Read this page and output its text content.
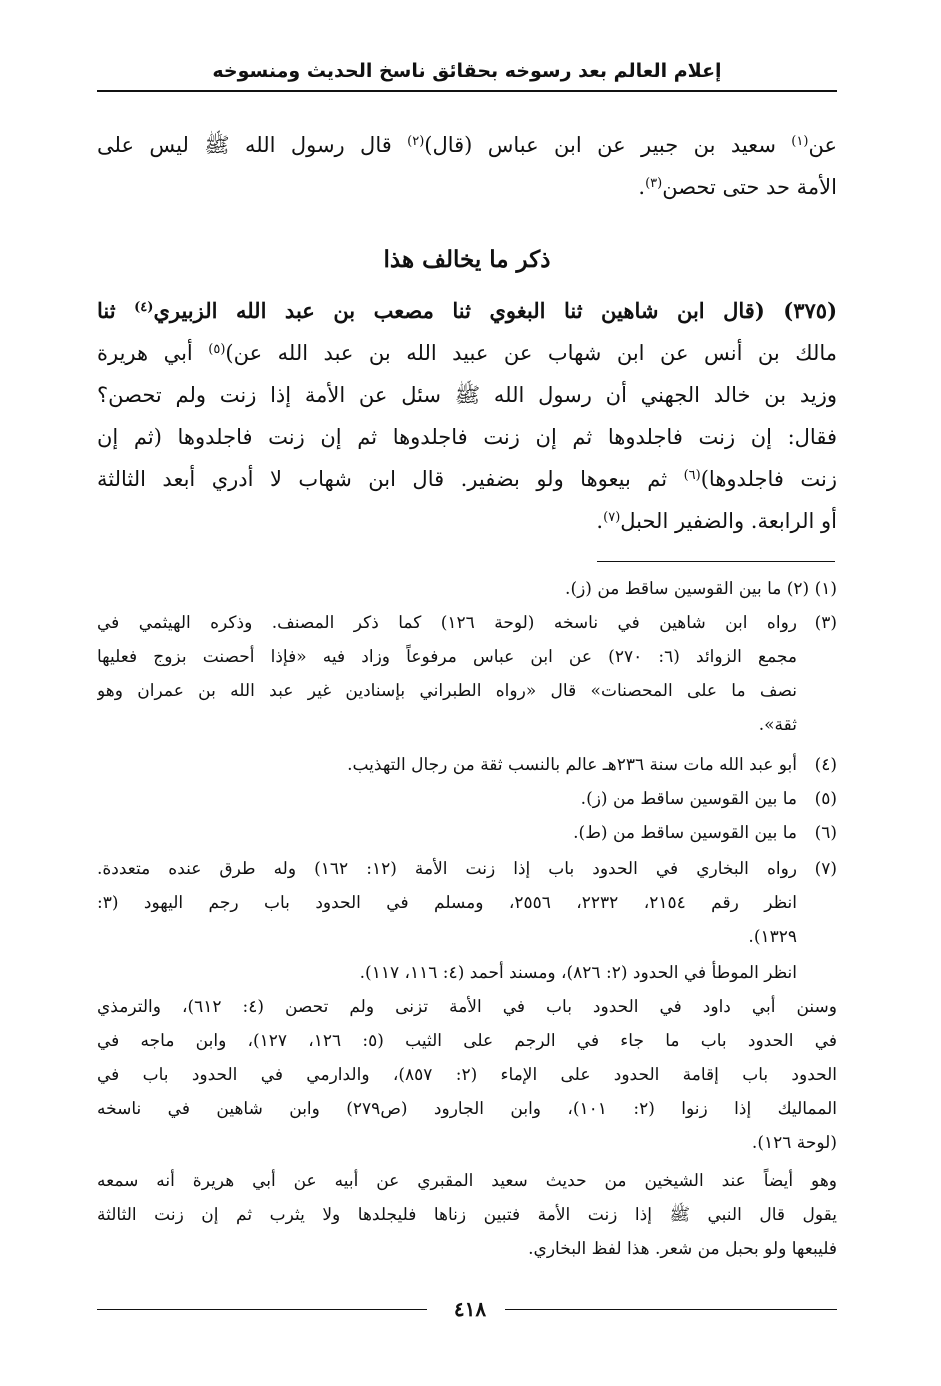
إعلام العالم بعد رسوخه بحقائق ناسخ الحديث ومنسوخه
عن$^{(١)}$ سعيد بن جبير عن ابن عباس (قال)$^{(٢)}$ قال رسول الله ﷺ ليس على
الأمة حد حتى تحصن$^{(٣)}$.
ذكر ما يخالف هذا
(٣٧٥) (قال ابن شاهين ثنا البغوي ثنا مصعب بن عبد الله الزبيري$^{(٤)}$ ثنا
مالك بن أنس عن ابن شهاب عن عبيد الله بن عبد الله عن)$^{(٥)}$ أبي هريرة
وزيد بن خالد الجهني أن رسول الله ﷺ سئل عن الأمة إذا زنت ولم تحصن؟
فقال: إن زنت فاجلدوها ثم إن زنت فاجلدوها ثم إن زنت فاجلدوها (ثم إن
زنت فاجلدوها)$^{(٦)}$ ثم بيعوها ولو بضفير. قال ابن شهاب لا أدري أبعد الثالثة
أو الرابعة. والضفير الحبل$^{(٧)}$.
(١) (٢) ما بين القوسين ساقط من (ز).
(٣)
رواه ابن شاهين في ناسخه (لوحة ١٢٦) كما ذكر المصنف. وذكره الهيثمي في
مجمع الزوائد (٦: ٢٧٠) عن ابن عباس مرفوعاً وزاد فيه «فإذا أحصنت بزوج فعليها
نصف ما على المحصنات» قال «رواه الطبراني بإسنادين غير عبد الله بن عمران وهو
ثقة».
(٤)
أبو عبد الله مات سنة ٢٣٦هـ عالم بالنسب ثقة من رجال التهذيب.
(٥)
ما بين القوسين ساقط من (ز).
(٦)
ما بين القوسين ساقط من (ط).
(٧)
رواه البخاري في الحدود باب إذا زنت الأمة (١٢: ١٦٢) وله طرق عنده متعددة.
انظر رقم ٢١٥٤، ٢٢٣٢، ٢٥٥٦، ومسلم في الحدود باب رجم اليهود (٣:
١٣٢٩).
انظر الموطأ في الحدود (٢: ٨٢٦)، ومسند أحمد (٤: ١١٦، ١١٧).
وسنن أبي داود في الحدود باب في الأمة تزنى ولم تحصن (٤: ٦١٢)، والترمذي
في الحدود باب ما جاء في الرجم على الثيب (٥: ١٢٦، ١٢٧)، وابن ماجه في
الحدود باب إقامة الحدود على الإماء (٢: ٨٥٧)، والدارمي في الحدود باب في
المماليك إذا زنوا (٢: ١٠١)، وابن الجارود (ص٢٧٩) وابن شاهين في ناسخه
(لوحة ١٢٦).
وهو أيضاً عند الشيخين من حديث سعيد المقبري عن أبيه عن أبي هريرة أنه سمعه
يقول قال النبي ﷺ إذا زنت الأمة فتبين زناها فليجلدها ولا يثرب ثم إن زنت الثالثة
فليبعها ولو بحبل من شعر. هذا لفظ البخاري.
٤١٨
